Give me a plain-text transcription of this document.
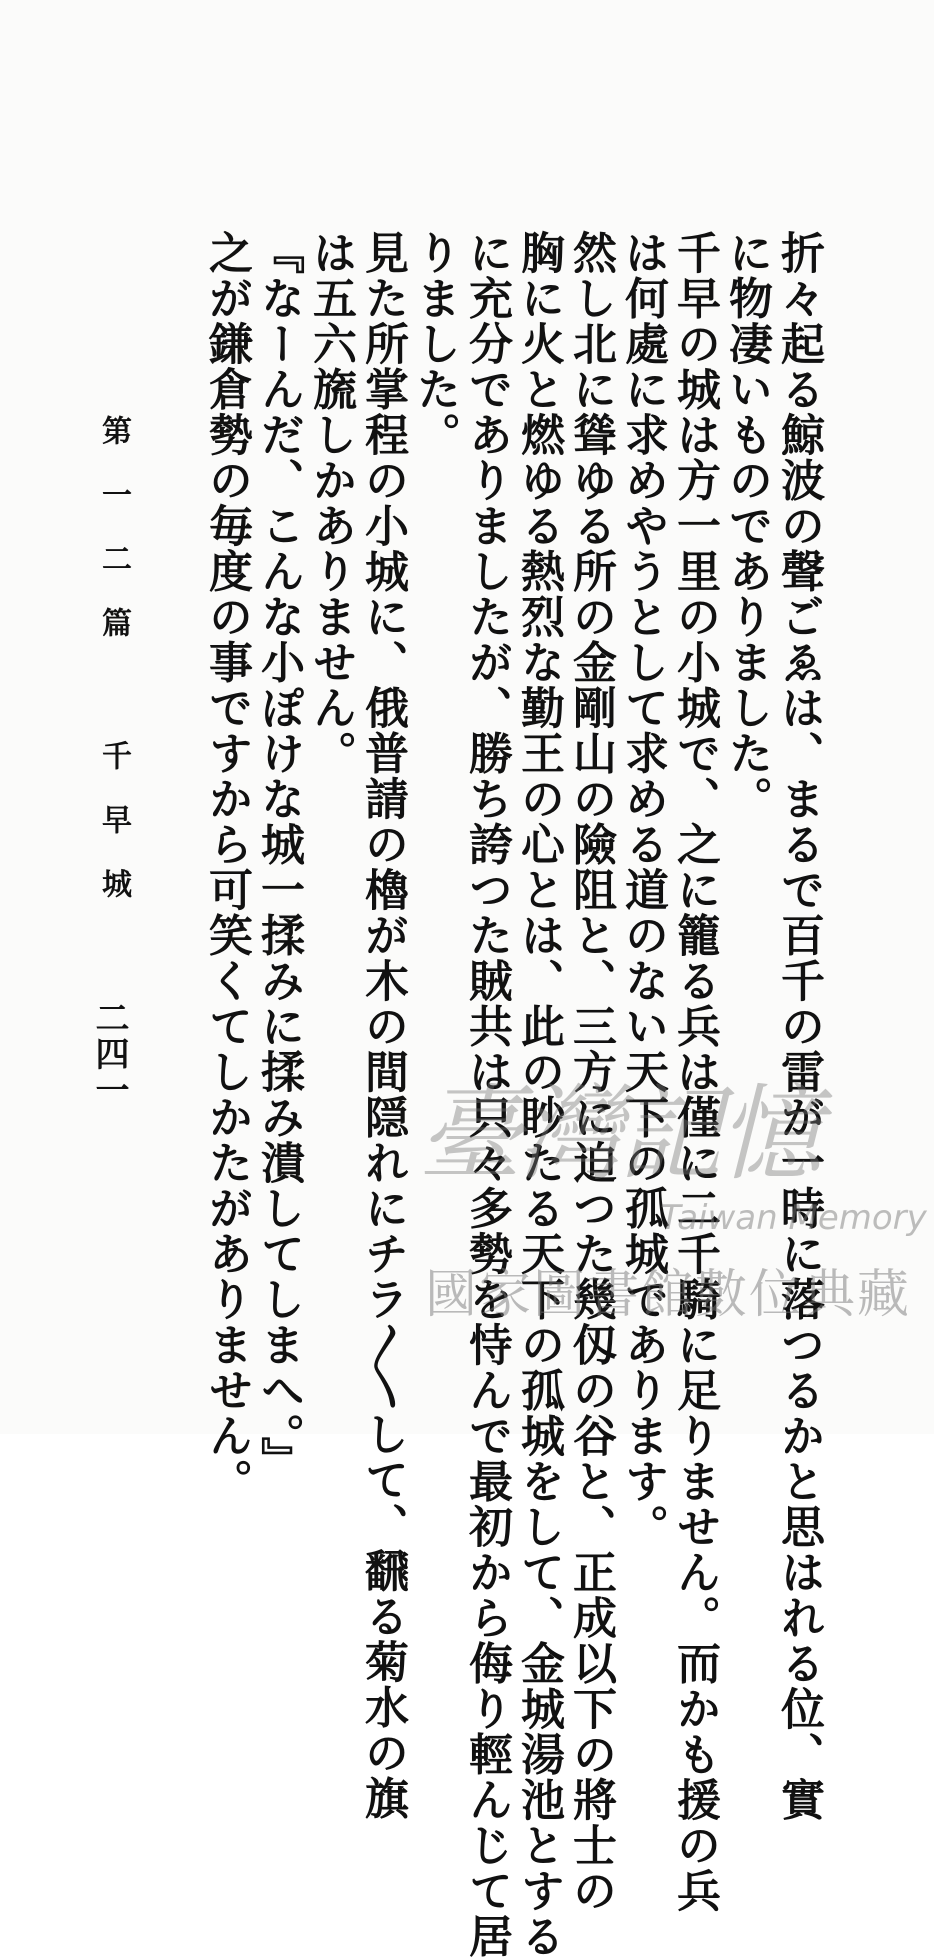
折々起る鯨波の聲ごゑは、まるで百千の雷が一時に落つるかと思はれる位、實
に物凄いものでありました。
千早の城は方一里の小城で、之に籠る兵は僅に二千騎に足りません。而かも援の兵
は何處に求めやうとして求める道のない天下の孤城であります。
然し北に聳ゆる所の金剛山の險阻と、三方に迫つた幾仭の谷と、正成以下の將士の
胸に火と燃ゆる熱烈な勤王の心とは、此の眇たる天下の孤城をして、金城湯池とする
に充分でありましたが、勝ち誇つた賊共は只々多勢を恃んで最初から侮り輕んじて居
りました。
見た所掌程の小城に、俄普請の櫓が木の間隠れにチラ〳〵して、飜る菊水の旗
は五六旒しかありません。
『なーんだ、こんな小ぽけな城一揉みに揉み潰してしまへ。』
之が鎌倉勢の毎度の事ですから可笑くてしかたがありません。
第一二篇 千早城
二四一
臺灣記憶
Taiwan Memory
國家圖書館數位典藏
